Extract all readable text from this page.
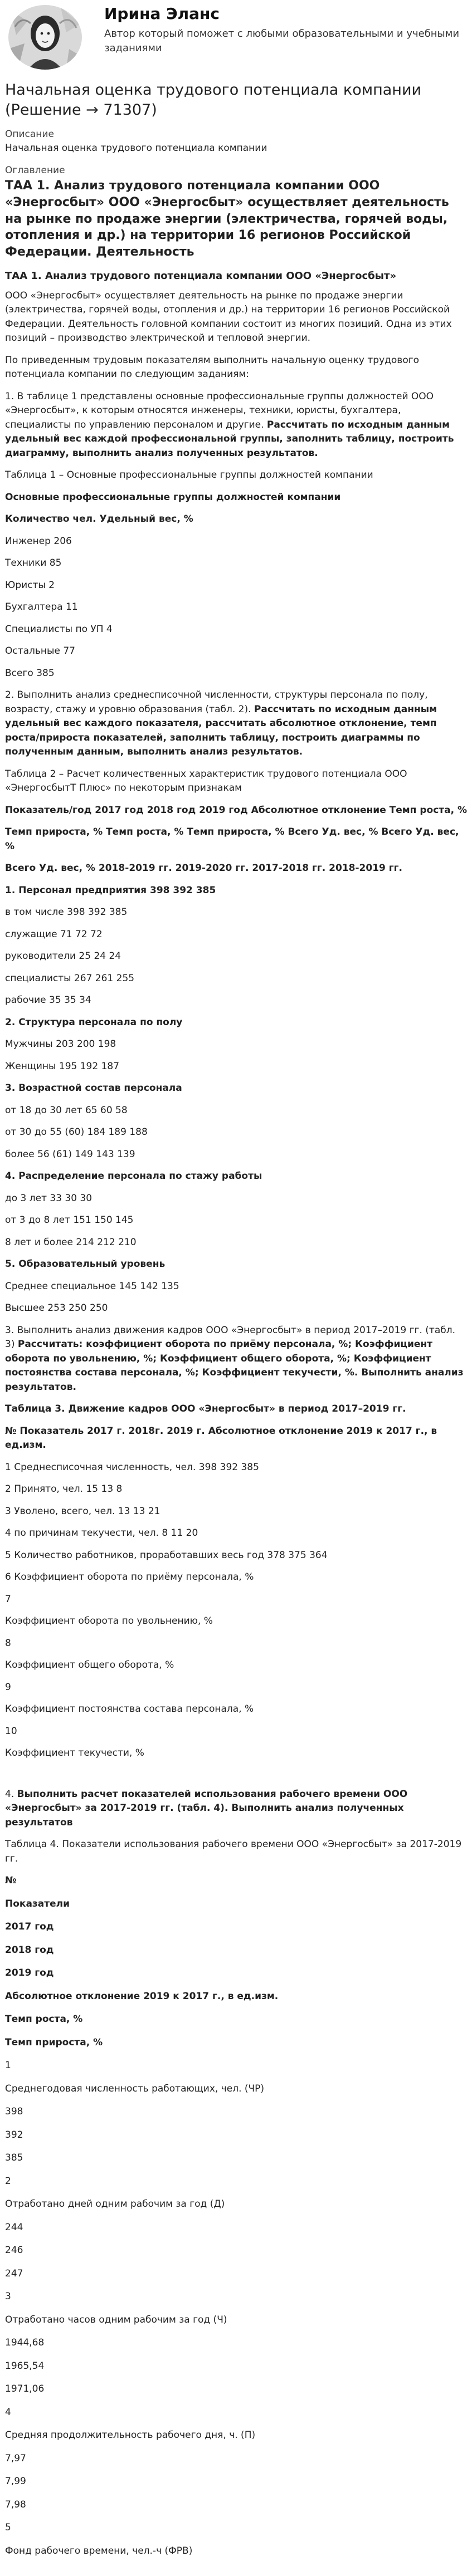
Ирина Эланс
Автор который поможет с любыми образовательными и учебными заданиями
Начальная оценка трудового потенциала компании (Решение → 71307)
Описание
Начальная оценка трудового потенциала компании
Оглавление
ТАА 1. Анализ трудового потенциала компании ООО «Энергосбыт» ООО «Энергосбыт» осуществляет деятельность на рынке по продаже энергии (электричества, горячей воды, отопления и др.) на территории 16 регионов Российской Федерации. Деятельность
ТАА 1. Анализ трудового потенциала компании ООО «Энергосбыт»

ООО «Энергосбыт» осуществляет деятельность на рынке по продаже энергии (электричества, горячей воды, отопления и др.) на территории 16 регионов Российской Федерации. Деятельность головной компании состоит из многих позиций. Одна из этих позиций – производство электрической и тепловой энергии.

По приведенным трудовым показателям выполнить начальную оценку трудового потенциала компании по следующим заданиям:

1. В таблице 1 представлены основные профессиональные группы должностей ООО «Энергосбыт», к которым относятся инженеры, техники, юристы, бухгалтера, специалисты по управлению персоналом и другие. Рассчитать по исходным данным удельный вес каждой профессиональной группы, заполнить таблицу, построить диаграмму, выполнить анализ полученных результатов.

Таблица 1 – Основные профессиональные группы должностей компании

Основные профессиональные группы должностей компании

Количество чел. Удельный вес, %

Инженер 206
Техники 85
Юристы 2
Бухгалтера 11
Специалисты по УП 4
Остальные 77
Всего 385

2. Выполнить анализ среднесписочной численности, структуры персонала по полу, возрасту, стажу и уровню образования (табл. 2). Рассчитать по исходным данным удельный вес каждого показателя, рассчитать абсолютное отклонение, темп роста/прироста показателей, заполнить таблицу, построить диаграммы по полученным данным, выполнить анализ результатов.

Таблица 2 – Расчет количественных характеристик трудового потенциала ООО «ЭнергосбытТ Плюс» по некоторым признакам

Показатель/год 2017 год 2018 год 2019 год Абсолютное отклонение Темп роста, %

Темп прироста, % Темп роста, % Темп прироста, % Всего Уд. вес, % Всего Уд. вес, %

Всего Уд. вес, % 2018-2019 гг. 2019-2020 гг. 2017-2018 гг. 2018-2019 гг.

1. Персонал предприятия 398 392 385

в том числе 398 392 385
служащие 71 72 72
руководители 25 24 24
специалисты 267 261 255
рабочие 35 35 34

2. Структура персонала по полу

Мужчины 203 200 198
Женщины 195 192 187

3. Возрастной состав персонала

от 18 до 30 лет 65 60 58
от 30 до 55 (60) 184 189 188
более 56 (61) 149 143 139

4. Распределение персонала по стажу работы

до 3 лет 33 30 30
от 3 до 8 лет 151 150 145
8 лет и более 214 212 210

5. Образовательный уровень

Среднее специальное 145 142 135
Высшее 253 250 250

3. Выполнить анализ движения кадров ООО «Энергосбыт» в период 2017–2019 гг. (табл. 3) Рассчитать: коэффициент оборота по приёму персонала, %; Коэффициент оборота по увольнению, %; Коэффициент общего оборота, %; Коэффициент постоянства состава персонала, %; Коэффициент текучести, %. Выполнить анализ результатов.

Таблица 3. Движение кадров ООО «Энергосбыт» в период 2017–2019 гг.

№ Показатель 2017 г. 2018г. 2019 г. Абсолютное отклонение 2019 к 2017 г., в ед.изм.

1 Среднесписочная численность, чел. 398 392 385
2 Принято, чел. 15 13 8
3 Уволено, всего, чел. 13 13 21
4 по причинам текучести, чел. 8 11 20
5 Количество работников, проработавших весь год 378 375 364
6 Коэффициент оборота по приёму персонала, %
7
Коэффициент оборота по увольнению, %
8
Коэффициент общего оборота, %
9
Коэффициент постоянства состава персонала, %
10
Коэффициент текучести, %

4. Выполнить расчет показателей использования рабочего времени ООО «Энергосбыт» за 2017-2019 гг. (табл. 4). Выполнить анализ полученных результатов

Таблица 4. Показатели использования рабочего времени ООО «Энергосбыт» за 2017-2019 гг.

№
Показатели
2017 год
2018 год
2019 год
Абсолютное отклонение 2019 к 2017 г., в ед.изм.
Темп роста, %
Темп прироста, %
1
Среднегодовая численность работающих, чел. (ЧР)
398
392
385
2
Отработано дней одним рабочим за год (Д)
244
246
247
3
Отработано часов одним рабочим за год (Ч)
1944,68
1965,54
1971,06
4
Средняя продолжительность рабочего дня, ч. (П)
7,97
7,99
7,98
5
Фонд рабочего времени, чел.-ч (ФРВ)
